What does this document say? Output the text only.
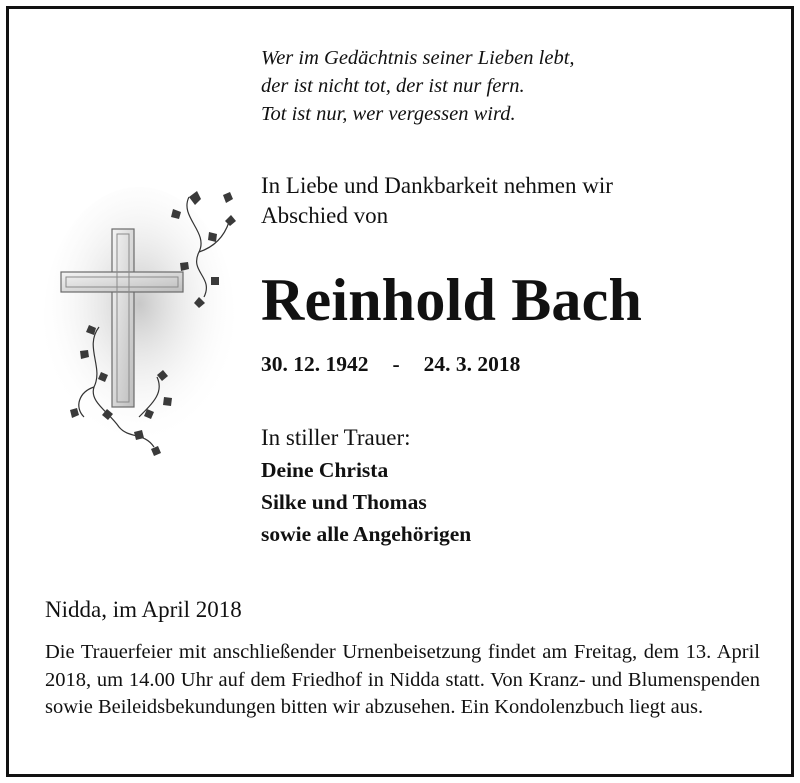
Wer im Gedächtnis seiner Lieben lebt,
der ist nicht tot, der ist nur fern.
Tot ist nur, wer vergessen wird.
In Liebe und Dankbarkeit nehmen wir
Abschied von
Reinhold Bach
30. 12. 1942 - 24. 3. 2018
In stiller Trauer:
Deine Christa
Silke und Thomas
sowie alle Angehörigen
Nidda, im April 2018
Die Trauerfeier mit anschließender Urnenbeisetzung findet am Freitag, dem 13. April 2018, um 14.00 Uhr auf dem Friedhof in Nidda statt. Von Kranz- und Blumenspenden sowie Beileidsbekundungen bitten wir abzusehen. Ein Kondolenzbuch liegt aus.
